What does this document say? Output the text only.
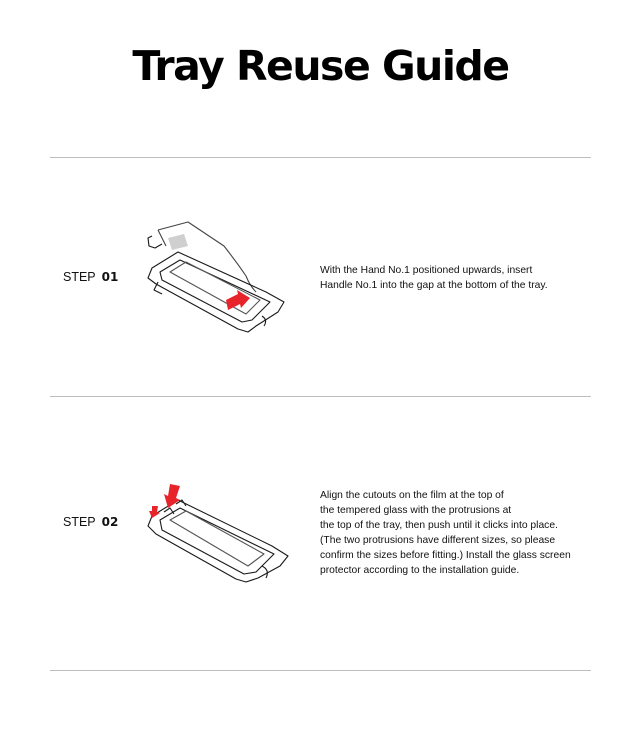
Tray Reuse Guide
STEP 01	With the Hand No.1 positioned upwards, insert
Handle No.1 into the gap at the bottom of the tray.

STEP 02

Align the cutouts on the film at the top of
the tempered glass with the protrusions at
the top of the tray, then push until it clicks into place.
(The two protrusions have different sizes, so please
confirm the sizes before fitting.) Install the glass screen
protector according to the installation guide.
